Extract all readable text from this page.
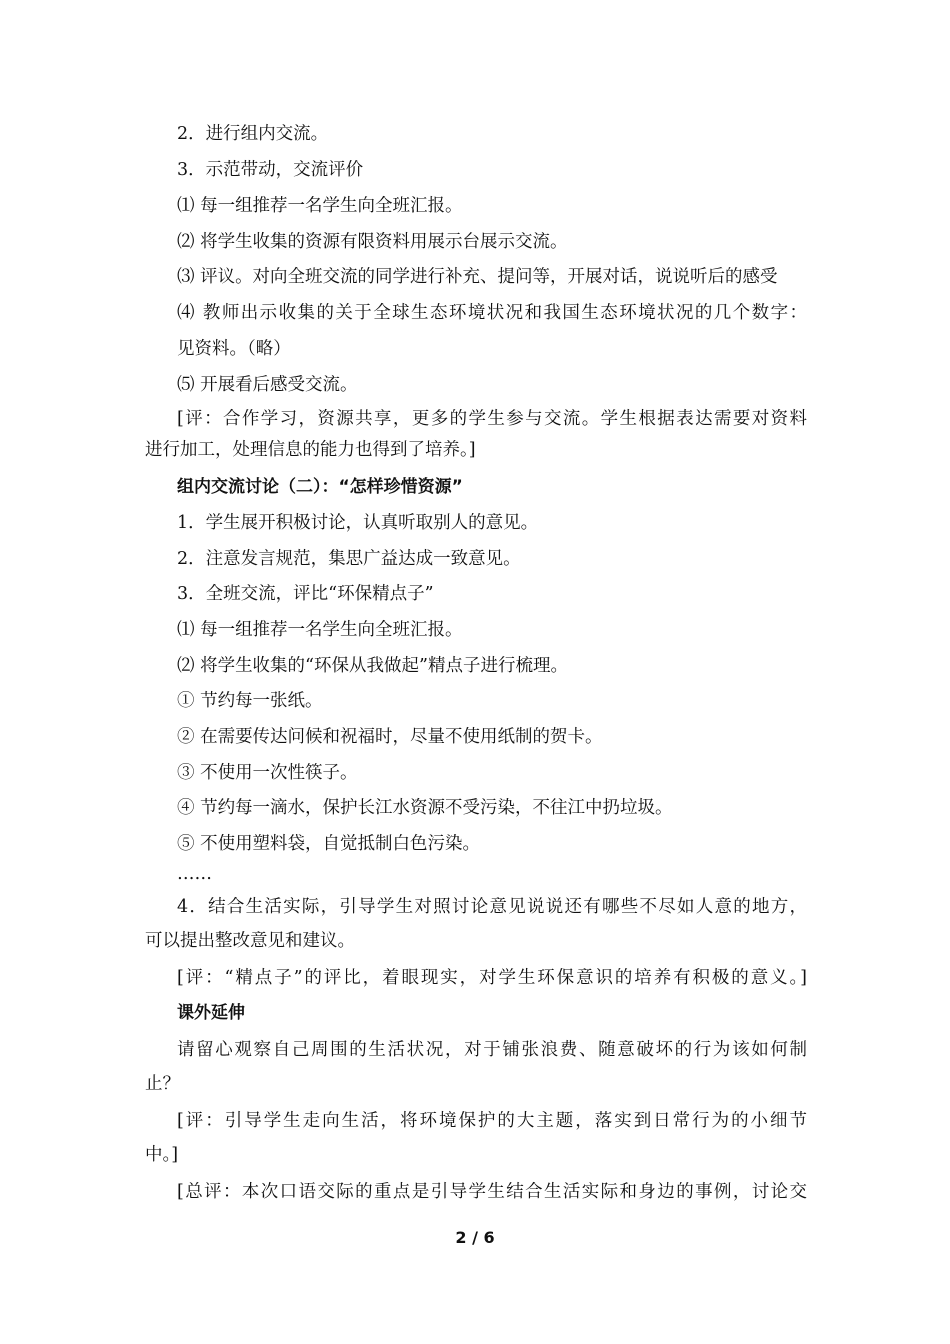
2．进行组内交流。
3．示范带动，交流评价
⑴ 每一组推荐一名学生向全班汇报。
⑵ 将学生收集的资源有限资料用展示台展示交流。
⑶ 评议。对向全班交流的同学进行补充、提问等，开展对话，说说听后的感受
⑷ 教师出示收集的关于全球生态环境状况和我国生态环境状况的几个数字：
见资料。（略）
⑸ 开展看后感受交流。
[评：合作学习，资源共享，更多的学生参与交流。学生根据表达需要对资料
进行加工，处理信息的能力也得到了培养。]
组内交流讨论（二）：“怎样珍惜资源”
1．学生展开积极讨论，认真听取别人的意见。
2．注意发言规范，集思广益达成一致意见。
3．全班交流，评比“环保精点子”
⑴ 每一组推荐一名学生向全班汇报。
⑵ 将学生收集的“环保从我做起”精点子进行梳理。
① 节约每一张纸。
② 在需要传达问候和祝福时，尽量不使用纸制的贺卡。
③ 不使用一次性筷子。
④ 节约每一滴水，保护长江水资源不受污染，不往江中扔垃圾。
⑤ 不使用塑料袋，自觉抵制白色污染。
……
4．结合生活实际，引导学生对照讨论意见说说还有哪些不尽如人意的地方，
可以提出整改意见和建议。
[评：“精点子”的评比，着眼现实，对学生环保意识的培养有积极的意义。]
课外延伸
请留心观察自己周围的生活状况，对于铺张浪费、随意破坏的行为该如何制
止？
[评：引导学生走向生活，将环境保护的大主题，落实到日常行为的小细节
中。]
[总评：本次口语交际的重点是引导学生结合生活实际和身边的事例，讨论交
2 / 6
